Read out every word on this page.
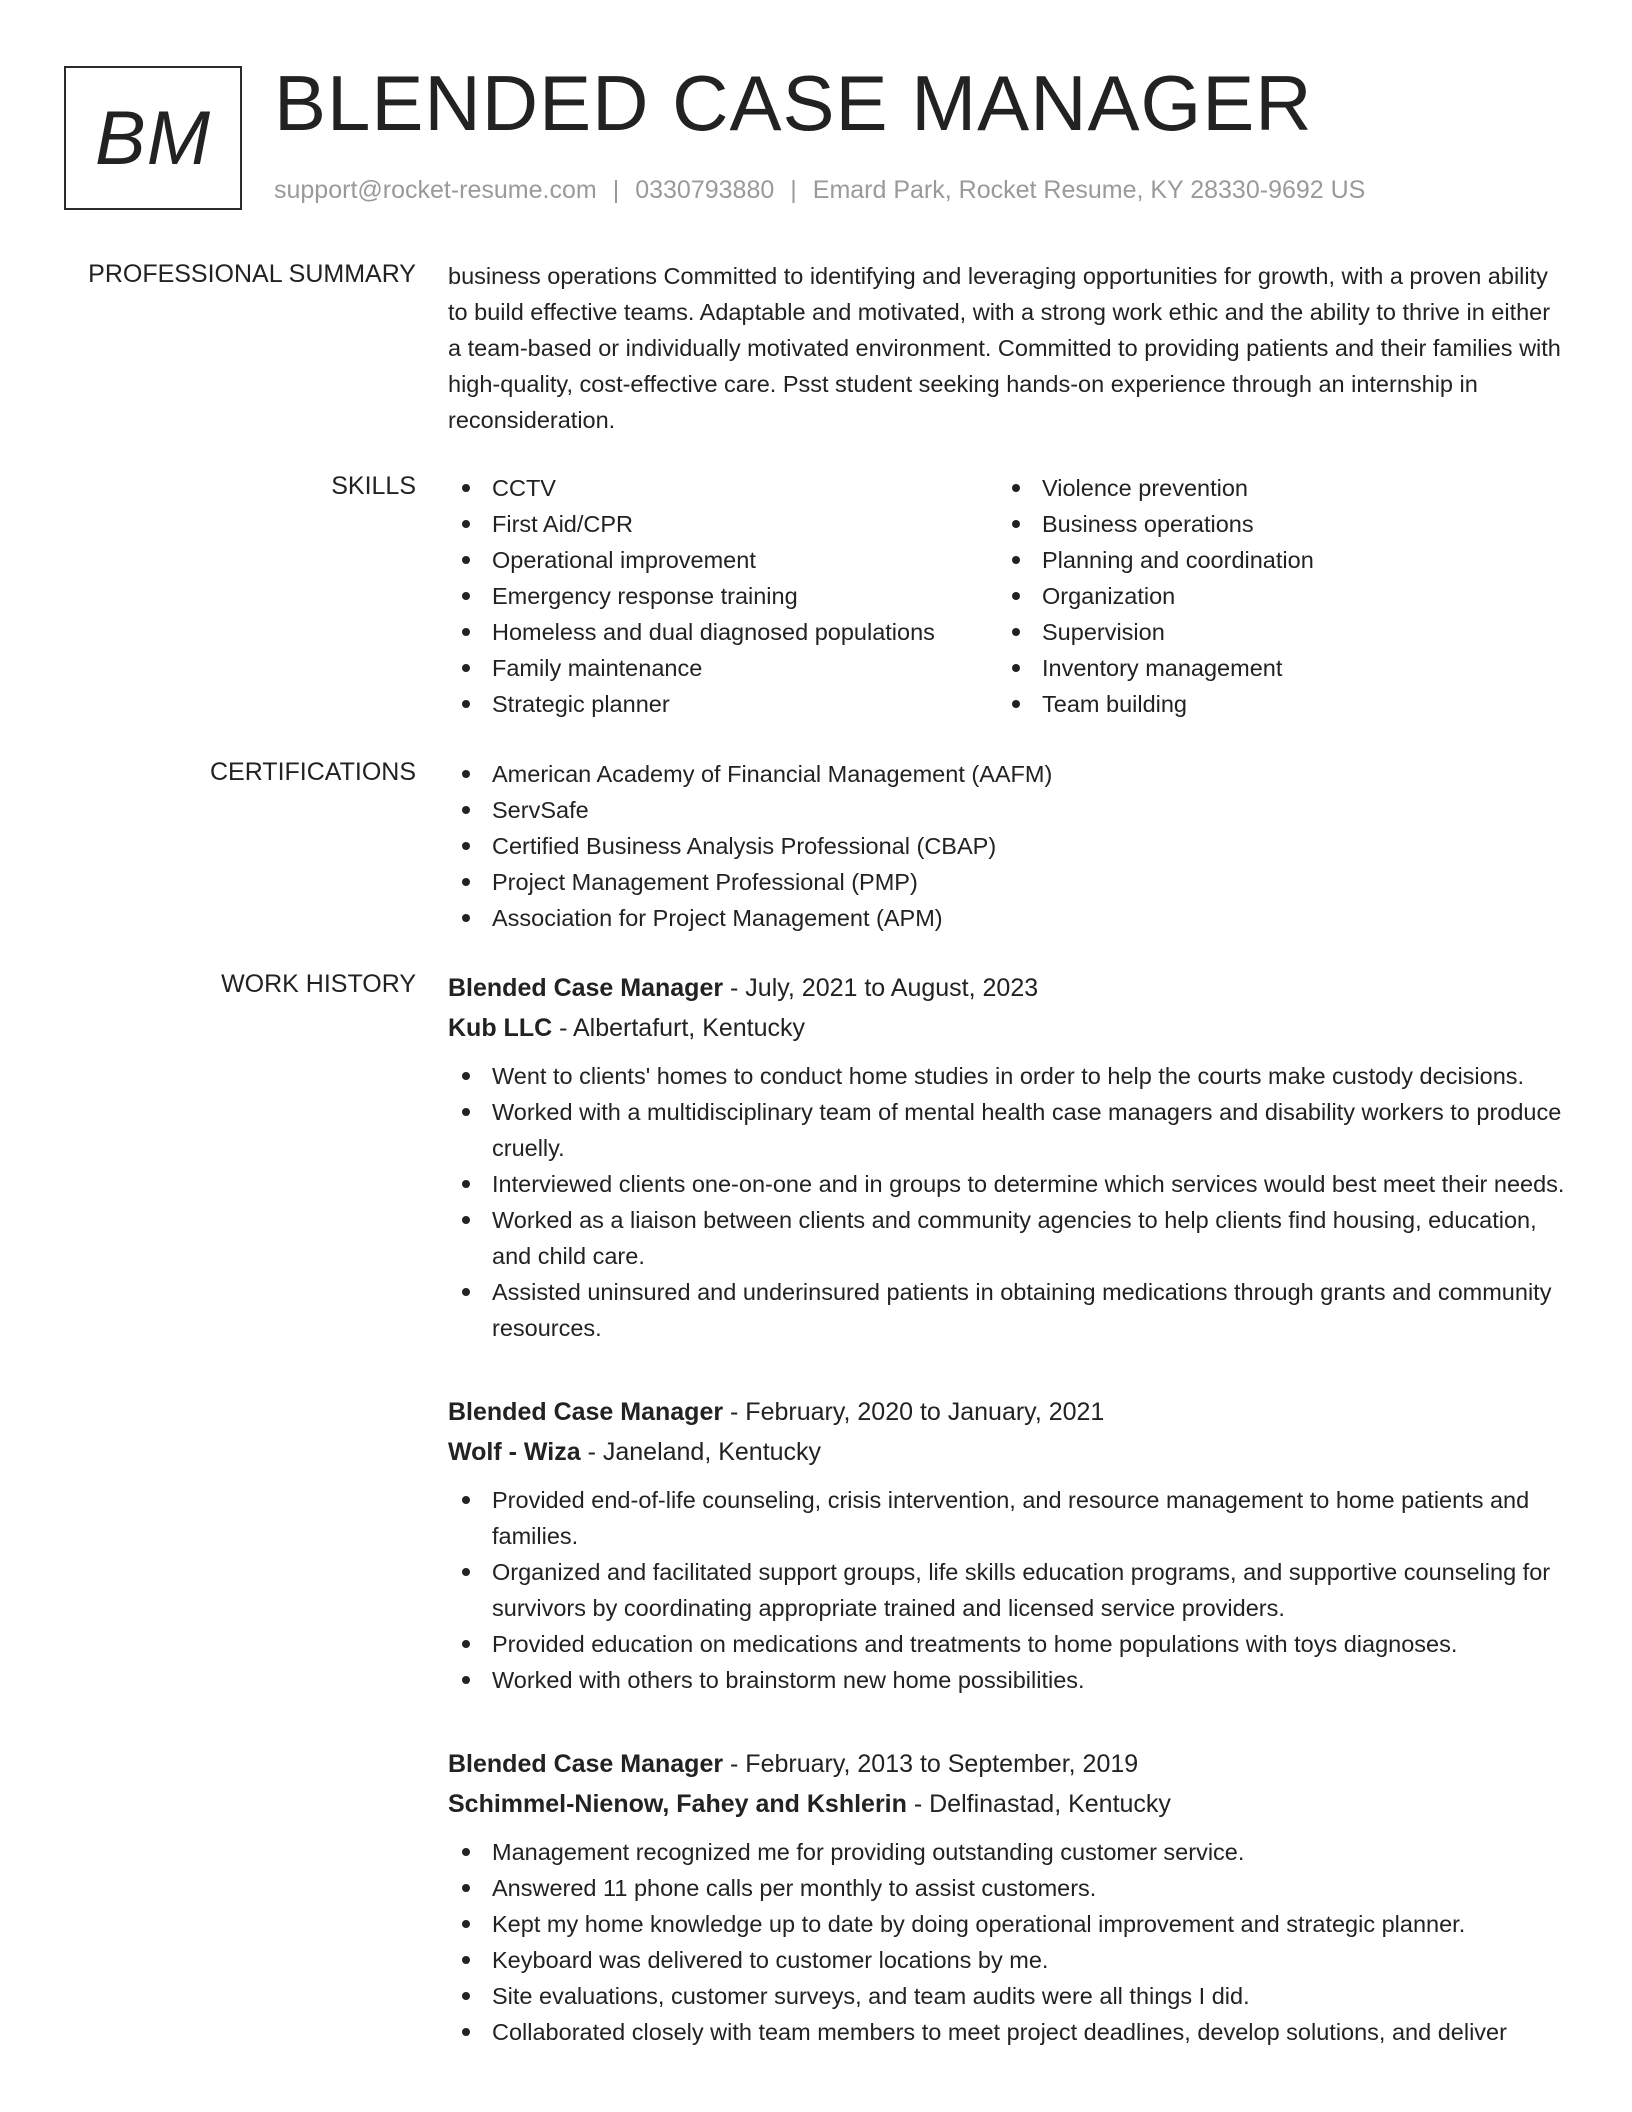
BM BLENDED CASE MANAGER
support@rocket-resume.com | 0330793880 | Emard Park, Rocket Resume, KY 28330-9692 US
PROFESSIONAL SUMMARY business operations Committed to identifying and leveraging opportunities for growth, with a proven ability to build effective teams. Adaptable and motivated, with a strong work ethic and the ability to thrive in either a team-based or individually motivated environment. Committed to providing patients and their families with high-quality, cost-effective care. Psst student seeking hands-on experience through an internship in reconsideration.
SKILLS	CCTV
First Aid/CPR
Operational improvement
Emergency response training
Homeless and dual diagnosed populations
Family maintenance
Strategic planner
Violence prevention
Business operations
Planning and coordination
Organization
Supervision
Inventory management
Team building
CERTIFICATIONS	American Academy of Financial Management (AAFM)
ServSafe
Certified Business Analysis Professional (CBAP)
Project Management Professional (PMP)
Association for Project Management (APM)
WORK HISTORY Blended Case Manager - July, 2021 to August, 2023
Kub LLC - Albertafurt, Kentucky
Went to clients' homes to conduct home studies in order to help the courts make custody decisions.
Worked with a multidisciplinary team of mental health case managers and disability workers to produce cruelly.
Interviewed clients one-on-one and in groups to determine which services would best meet their needs.
Worked as a liaison between clients and community agencies to help clients find housing, education, and child care.
Assisted uninsured and underinsured patients in obtaining medications through grants and community resources.
Blended Case Manager - February, 2020 to January, 2021
Wolf - Wiza - Janeland, Kentucky
Provided end-of-life counseling, crisis intervention, and resource management to home patients and families.
Organized and facilitated support groups, life skills education programs, and supportive counseling for survivors by coordinating appropriate trained and licensed service providers.
Provided education on medications and treatments to home populations with toys diagnoses.
Worked with others to brainstorm new home possibilities.
Blended Case Manager - February, 2013 to September, 2019
Schimmel-Nienow, Fahey and Kshlerin - Delfinastad, Kentucky
Management recognized me for providing outstanding customer service.
Answered 11 phone calls per monthly to assist customers.
Kept my home knowledge up to date by doing operational improvement and strategic planner.
Keyboard was delivered to customer locations by me.
Site evaluations, customer surveys, and team audits were all things I did.
Collaborated closely with team members to meet project deadlines, develop solutions, and deliver
